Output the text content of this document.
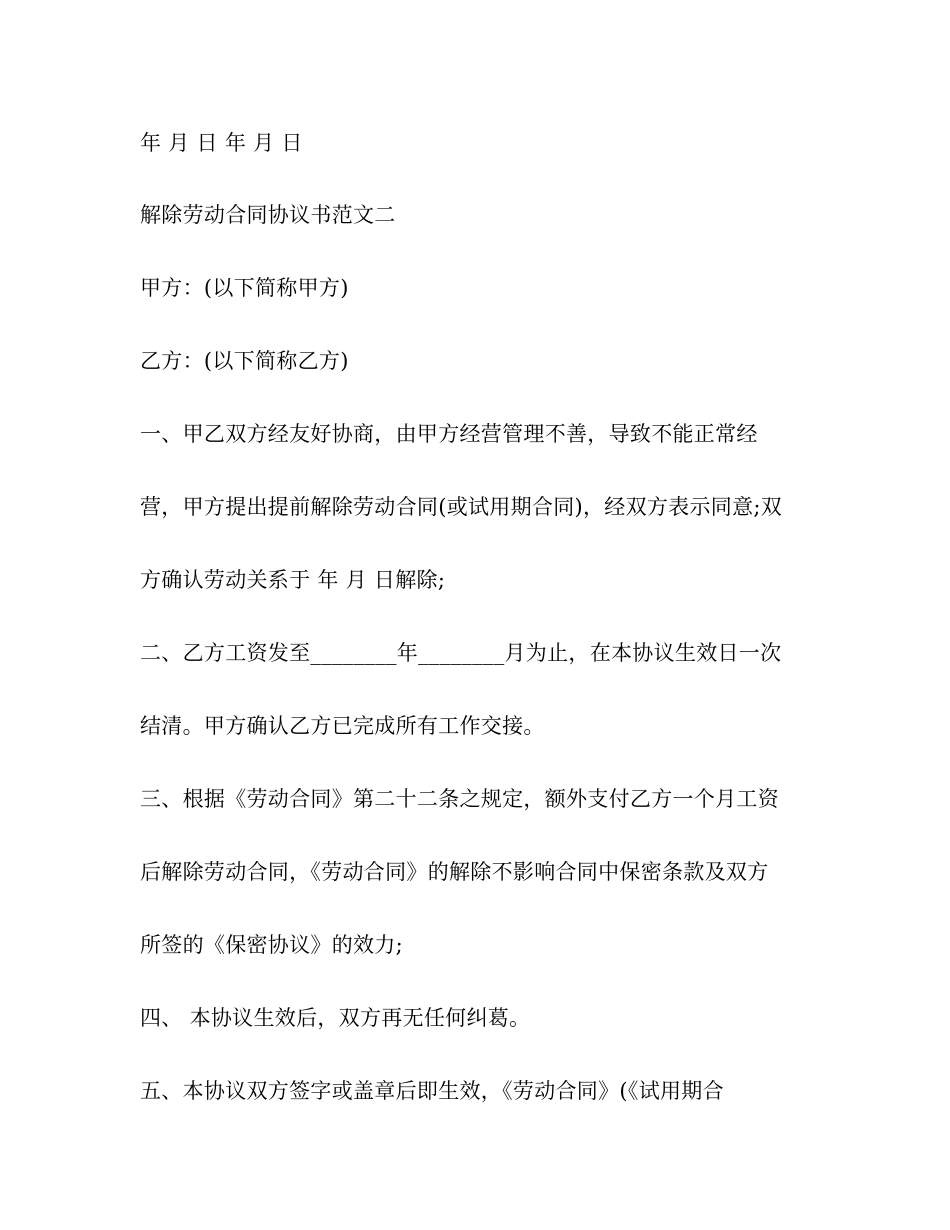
年 月 日 年 月 日
解除劳动合同协议书范文二
甲方：(以下简称甲方)
乙方：(以下简称乙方)
一、甲乙双方经友好协商，由甲方经营管理不善，导致不能正常经
营，甲方提出提前解除劳动合同(或试用期合同)，经双方表示同意;双
方确认劳动关系于 年 月 日解除;
二、乙方工资发至________年________月为止，在本协议生效日一次
结清。甲方确认乙方已完成所有工作交接。
三、根据《劳动合同》第二十二条之规定，额外支付乙方一个月工资
后解除劳动合同，《劳动合同》的解除不影响合同中保密条款及双方
所签的《保密协议》的效力;
四、 本协议生效后，双方再无任何纠葛。
五、本协议双方签字或盖章后即生效，《劳动合同》(《试用期合
